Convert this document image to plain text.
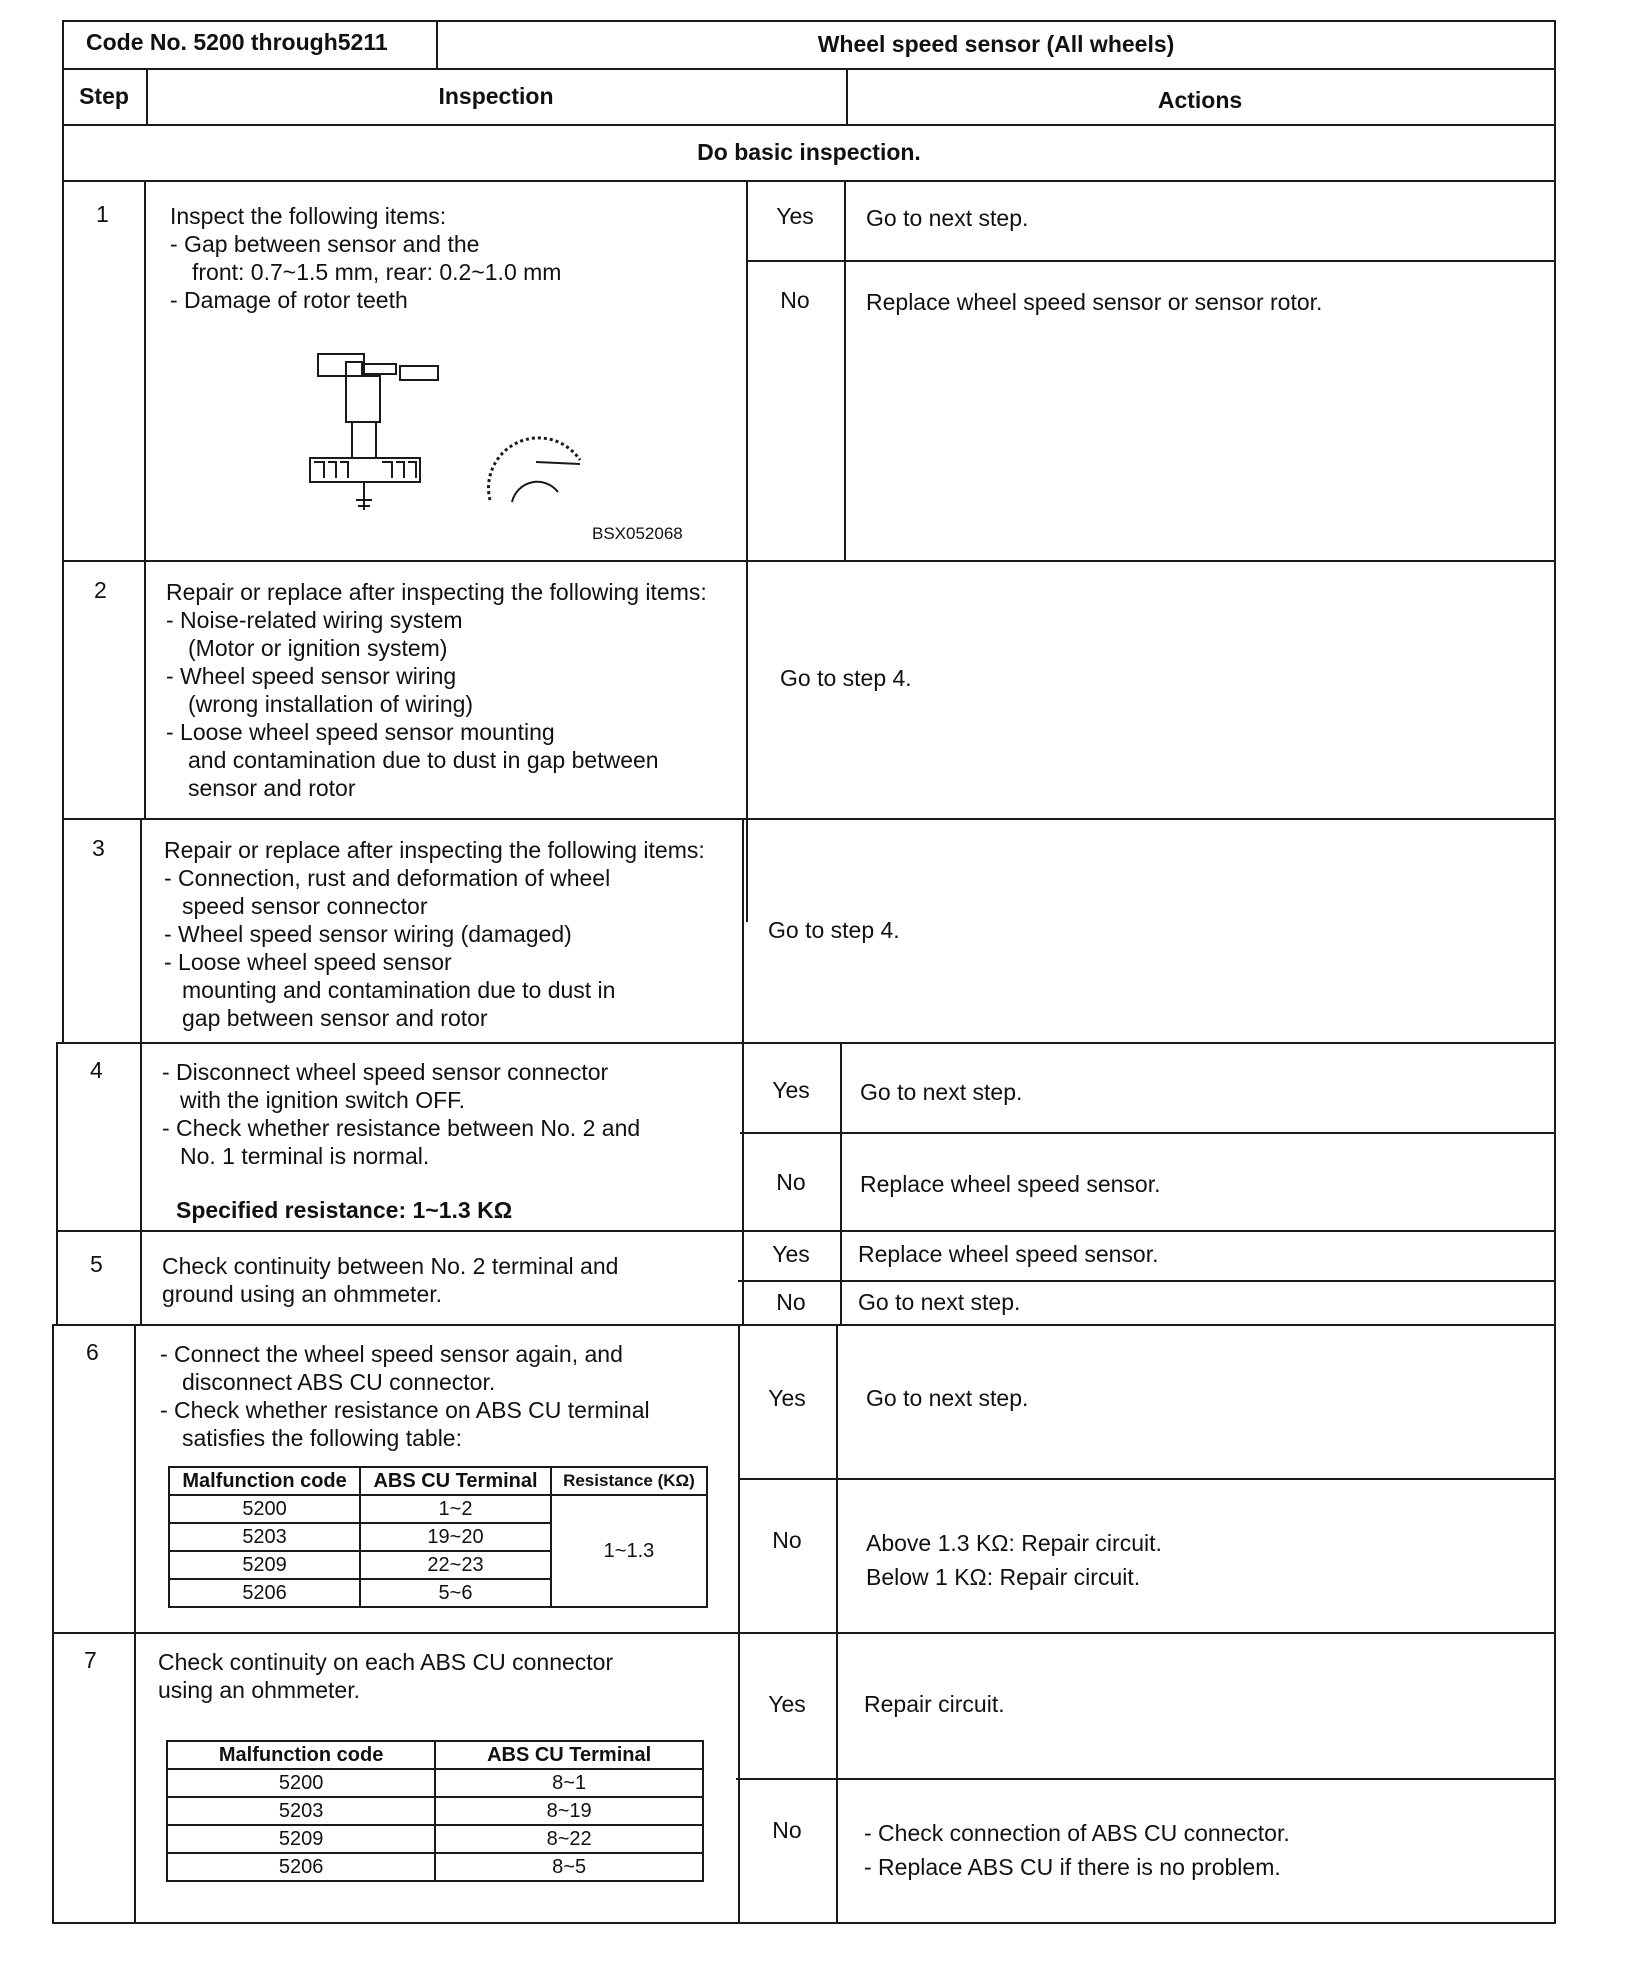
Code No. 5200 through5211	Wheel speed sensor (All wheels)
Step	Inspection	Actions
Do basic inspection.
1	Inspect the following items:
- Gap between sensor and the
front: 0.7~1.5 mm, rear: 0.2~1.0 mm
- Damage of rotor teeth
BSX052068
Yes	Go to next step.
No	Replace wheel speed sensor or sensor rotor.
2	Repair or replace after inspecting the following items:
- Noise-related wiring system
(Motor or ignition system)
- Wheel speed sensor wiring
(wrong installation of wiring)
- Loose wheel speed sensor mounting
and contamination due to dust in gap between
sensor and rotor
Go to step 4.
3	Repair or replace after inspecting the following items:
- Connection, rust and deformation of wheel
speed sensor connector
- Wheel speed sensor wiring (damaged)
- Loose wheel speed sensor
mounting and contamination due to dust in
gap between sensor and rotor
Go to step 4.
4	- Disconnect wheel speed sensor connector
with the ignition switch OFF.
- Check whether resistance between No. 2 and
No. 1 terminal is normal.
Specified resistance: 1~1.3 KΩ
Yes	Go to next step.
No	Replace wheel speed sensor.
5	Check continuity between No. 2 terminal and
ground using an ohmmeter.
Yes	Replace wheel speed sensor.
No	Go to next step.
6	- Connect the wheel speed sensor again, and
disconnect ABS CU connector.
- Check whether resistance on ABS CU terminal
satisfies the following table:
Malfunction code	ABS CU Terminal	Resistance (KΩ)
5200	1~2	1~1.3
5203	19~20	
5209	22~23	
5206	5~6	
Yes	Go to next step.
No	Above 1.3 KΩ: Repair circuit.
Below 1 KΩ: Repair circuit.
7	Check continuity on each ABS CU connector
using an ohmmeter.
Malfunction code	ABS CU Terminal
5200	8~1
5203	8~19
5209	8~22
5206	8~5
Yes	Repair circuit.
No	- Check connection of ABS CU connector.
- Replace ABS CU if there is no problem.
